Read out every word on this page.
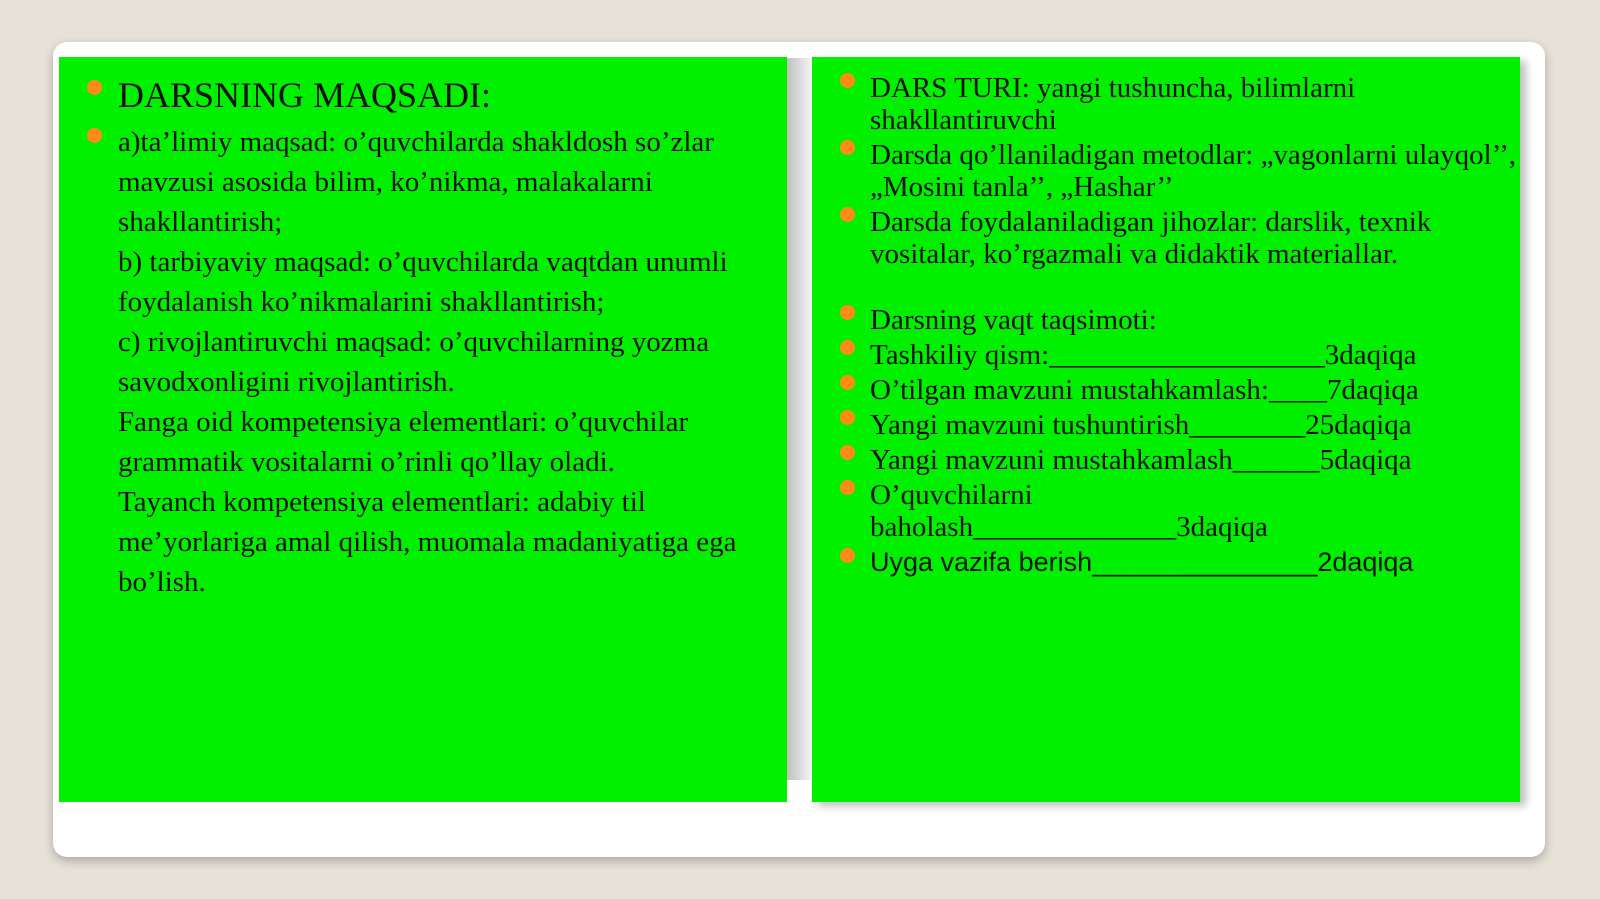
DARSNING MAQSADI:

a)ta’limiy maqsad: o’quvchilarda shakldosh so’zlar mavzusi asosida bilim, ko’nikma, malakalarni shakllantirish;

b) tarbiyaviy maqsad: o’quvchilarda vaqtdan unumli foydalanish ko’nikmalarini shakllantirish;

c) rivojlantiruvchi maqsad: o’quvchilarning yozma savodxonligini rivojlantirish.

Fanga oid kompetensiya elementlari: o’quvchilar grammatik vositalarni o’rinli qo’llay oladi.

Tayanch kompetensiya elementlari: adabiy til me’yorlariga amal qilish, muomala madaniyatiga ega bo’lish.

DARS TURI: yangi tushuncha, bilimlarni shakllantiruvchi
Darsda qo’llaniladigan metodlar: „vagonlarni ulayqol’’, „Mosini tanla’’, „Hashar’’
Darsda foydalaniladigan jihozlar: darslik, texnik vositalar, ko’rgazmali va didaktik materiallar.
Darsning vaqt taqsimoti:
Tashkiliy qism:___________________3daqiqa
O’tilgan mavzuni mustahkamlash:____7daqiqa
Yangi mavzuni tushuntirish________25daqiqa
Yangi mavzuni mustahkamlash______5daqiqa
O’quvchilarni baholash______________3daqiqa
Uyga vazifa berish_______________2daqiqa
